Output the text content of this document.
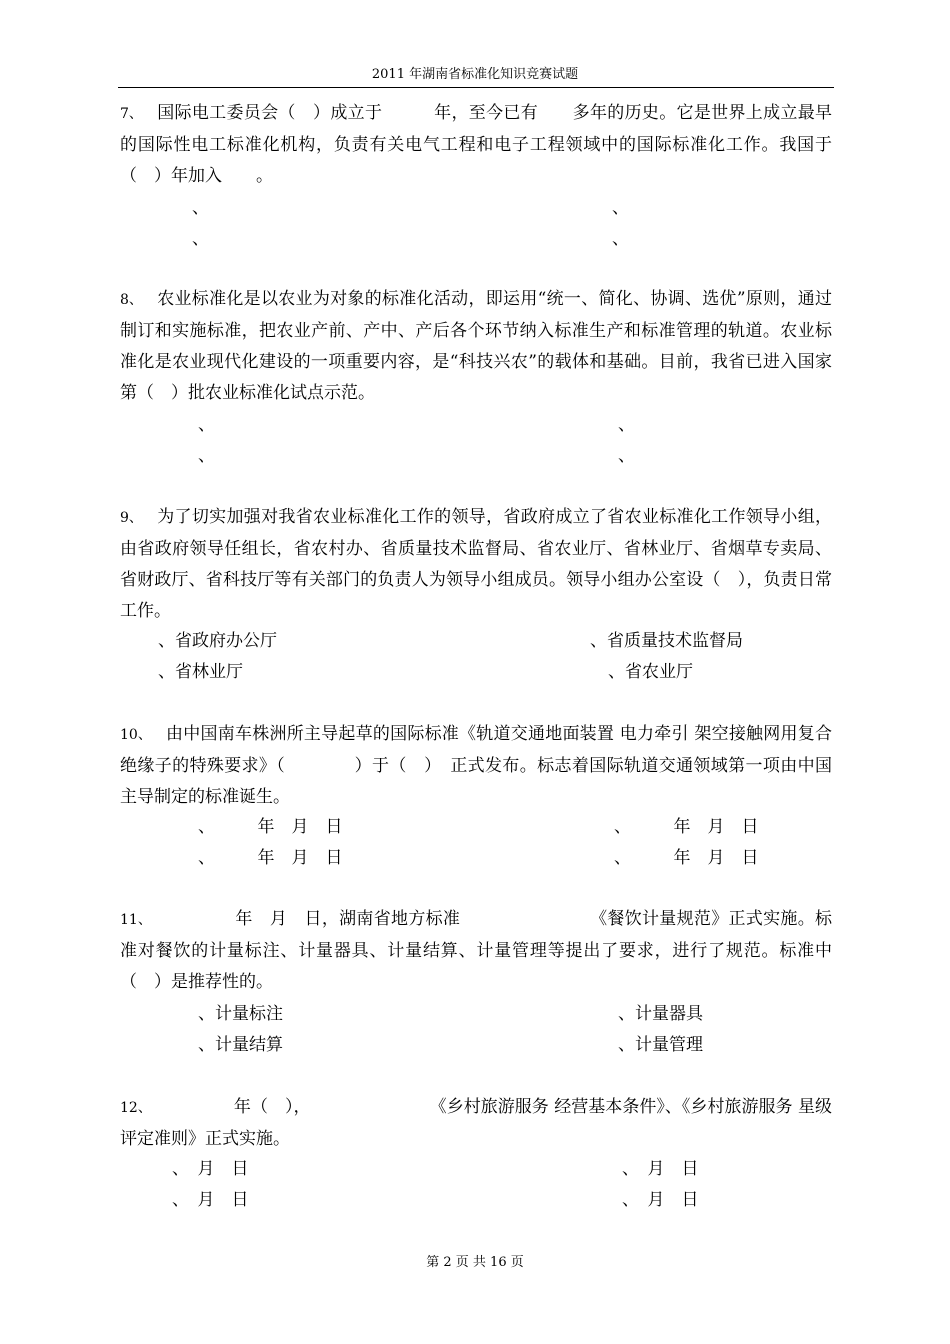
2011 年湖南省标准化知识竞赛试题

7、 国际电工委员会（　）成立于　　　年，至今已有　　多年的历史。它是世界上成立最早的国际性电工标准化机构，负责有关电气工程和电子工程领域中的国际标准化工作。我国于（　）年加入　　。

、	、
、	、

8、 农业标准化是以农业为对象的标准化活动，即运用“统一、简化、协调、选优”原则，通过制订和实施标准，把农业产前、产中、产后各个环节纳入标准生产和标准管理的轨道。农业标准化是农业现代化建设的一项重要内容，是“科技兴农”的载体和基础。目前，我省已进入国家第（　）批农业标准化试点示范。

、	、
、	、

9、 为了切实加强对我省农业标准化工作的领导，省政府成立了省农业标准化工作领导小组，由省政府领导任组长，省农村办、省质量技术监督局、省农业厅、省林业厅、省烟草专卖局、省财政厅、省科技厅等有关部门的负责人为领导小组成员。领导小组办公室设（　），负责日常工作。

、省政府办公厅	、省质量技术监督局
、省林业厅	、省农业厅

10、 由中国南车株洲所主导起草的国际标准《轨道交通地面装置 电力牵引 架空接触网用复合绝缘子的特殊要求》（　　　　）于（　）　正式发布。标志着国际轨道交通领域第一项由中国主导制定的标准诞生。

、　　　年　月　日	、　　　年　月　日
、　　　年　月　日	、　　　年　月　日

11、　　　　年　月　日，湖南省地方标准　　　　　　　　《餐饮计量规范》正式实施。标准对餐饮的计量标注、计量器具、计量结算、计量管理等提出了要求，进行了规范。标准中（　）是推荐性的。

、计量标注	、计量器具
、计量结算	、计量管理

12、　　　　年（　），　　　　　　　　《乡村旅游服务 经营基本条件》、《乡村旅游服务 星级评定准则》正式实施。

、　月　日	、　月　日
、　月　日	、　月　日
第 2 页 共 16 页
